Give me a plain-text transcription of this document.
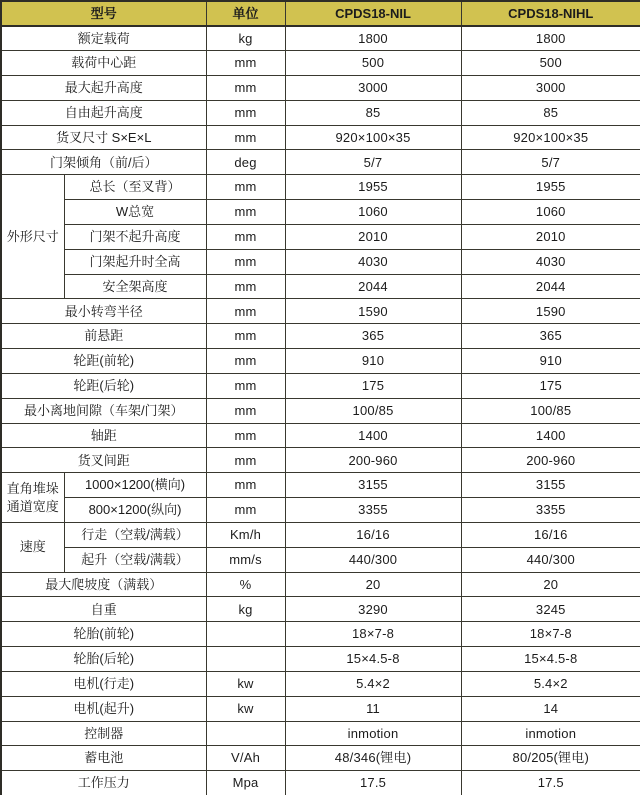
型号		单位	CPDS18-NIL	CPDS18-NIHL
额定载荷		kg	1800	1800
载荷中心距		mm	500	500
最大起升高度		mm	3000	3000
自由起升高度		mm	85	85
货叉尺寸 S×E×L		mm	920×100×35	920×100×35
门架倾角（前/后）		deg	5/7	5/7
外形尺寸	总长（至叉背）	mm	1955	1955
	W总宽	mm	1060	1060
	门架不起升高度	mm	2010	2010
	门架起升时全高	mm	4030	4030
	安全架高度	mm	2044	2044
最小转弯半径		mm	1590	1590
前悬距		mm	365	365
轮距(前轮)		mm	910	910
轮距(后轮)		mm	175	175
最小离地间隙（车架/门架）		mm	100/85	100/85
轴距		mm	1400	1400
货叉间距		mm	200-960	200-960
直角堆垛通道宽度	1000×1200(横向)	mm	3155	3155
	800×1200(纵向)	mm	3355	3355
速度	行走（空载/满载）	Km/h	16/16	16/16
	起升（空载/满载）	mm/s	440/300	440/300
最大爬坡度（满载）		%	20	20
自重		kg	3290	3245
轮胎(前轮)			18×7-8	18×7-8
轮胎(后轮)			15×4.5-8	15×4.5-8
电机(行走)		kw	5.4×2	5.4×2
电机(起升)		kw	11	14
控制器			inmotion	inmotion
蓄电池		V/Ah	48/346(锂电)	80/205(锂电)
工作压力		Mpa	17.5	17.5
